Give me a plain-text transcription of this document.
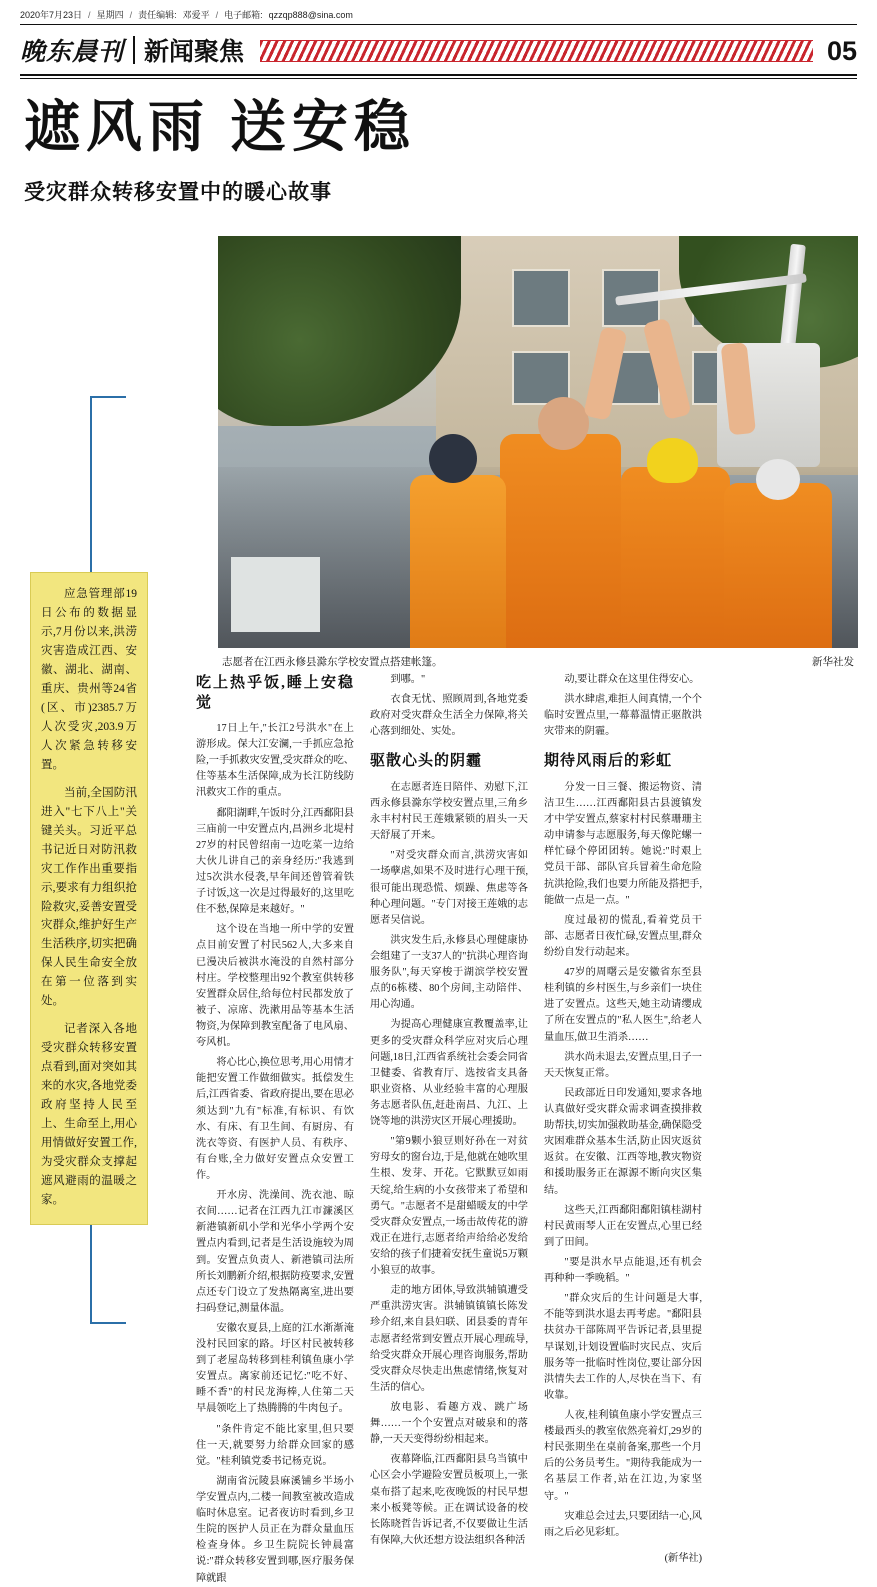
2020年7月23日 / 星期四 / 责任编辑: 邓爱平 / 电子邮箱: qzzqp888@sina.com
晚东晨刊 新闻聚焦	05
遮风雨 送安稳
受灾群众转移安置中的暖心故事
志愿者在江西永修县滁东学校安置点搭建帐篷。	新华社发

应急管理部19日公布的数据显示,7月份以来,洪涝灾害造成江西、安徽、湖北、湖南、重庆、贵州等24省(区、市)2385.7万人次受灾,203.9万人次紧急转移安置。

当前,全国防汛进入"七下八上"关键关头。习近平总书记近日对防汛救灾工作作出重要指示,要求有力组织抢险救灾,妥善安置受灾群众,维护好生产生活秩序,切实把确保人民生命安全放在第一位落到实处。

记者深入各地受灾群众转移安置点看到,面对突如其来的水灾,各地党委政府坚持人民至上、生命至上,用心用情做好安置工作,为受灾群众支撑起遮风避雨的温暖之家。

吃上热乎饭,睡上安稳觉

17日上午,"长江2号洪水"在上游形成。保大江安澜,一手抓应急抢险,一手抓救灾安置,受灾群众的吃、住等基本生活保障,成为长江防线防汛救灾工作的重点。

鄱阳湖畔,午饭时分,江西鄱阳县三庙前一中安置点内,昌洲乡北堤村27岁的村民曾绍南一边吃菜一边给大伙儿讲自己的亲身经历:"我逃到过5次洪水侵袭,早年间还曾管着铁子讨饭,这一次是过得最好的,这里吃住不愁,保障是来越好。"

这个设在当地一所中学的安置点目前安置了村民562人,大多来自已漫决后被洪水淹没的自然村部分村庄。学校整理出92个教室供转移安置群众居住,给每位村民都发放了被子、凉席、洗漱用品等基本生活物资,为保障到教室配备了电风扇、夸风机。

将心比心,换位思考,用心用情才能把安置工作做细做实。抵偿发生后,江西省委、省政府提出,要在思必须达到"九有"标准,有标识、有饮水、有床、有卫生间、有厨房、有洗衣等资、有医护人员、有秩序、有台账,全力做好安置点众安置工作。

开水房、洗澡间、洗衣池、晾衣间……记者在江西九江市濂溪区新港镇新矶小学和光华小学两个安置点内看到,记者是生活设施较为周到。安置点负责人、新港镇司法所所长刘鹏新介绍,根据防疫要求,安置点还专门设立了发热隔离室,进出要扫码登记,测量体温。

安徽农夏县,上庭的江水渐渐淹没村民回家的路。圩区村民被转移到了老屋岛转移到桂利镇鱼康小学安置点。离家前还记忆:"吃不好、睡不香"的村民龙海棒,人住第二天早晨领吃上了热腾腾的牛肉包子。

"条件肯定不能比家里,但只要住一天,就要努力给群众回家的感觉。"桂利镇党委书记杨克说。

湖南省沅陵县麻溪铺乡半场小学安置点内,二楼一间教室被改造成临时休息室。记者夜访时看到,乡卫生院的医护人员正在为群众量血压检查身体。乡卫生院院长钟晨富说:"群众转移安置到哪,医疗服务保障就跟

到哪。"

衣食无忧、照顾周到,各地党委政府对受灾群众生活全力保障,将关心落到细处、实处。

驱散心头的阴霾

在志愿者连日陪伴、劝慰下,江西永修县滁东学校安置点里,三角乡永丰村村民王莲娥紧锁的眉头一天天舒展了开来。

"对受灾群众而言,洪涝灾害如一场孽虐,如果不及时进行心理干预,很可能出现恐慌、烦躁、焦虑等各种心理问题。"专门对接王莲娥的志愿者吴信说。

洪灾发生后,永修县心理健康协会组建了一支37人的"抗洪心理咨询服务队",每天穿梭于湖滨学校安置点的6栋楼、80个房间,主动陪伴、用心沟通。

为提高心理健康宣教覆盖率,让更多的受灾群众科学应对灾后心理问题,18日,江西省系统社会委会同省卫健委、省教育厅、选按省支具备职业资格、从业经验丰富的心理服务志愿者队伍,赶赴南昌、九江、上饶等地的洪涝灾区开展心理援助。

"第9颗小狼豆则好孙在一对贫穷母女的窗台边,于是,他就在她吹里生根、发芽、开花。它默默豆如雨天绽,给生病的小女孩带来了希望和勇气。"志愿者不是甜蜡暖友的中学受灾群众安置点,一场击故传花的游戏正在进行,志愿者给声给给必发给安给的孩子们捷着安抚生童说5万颗小狼豆的故事。

走的地方团体,导致洪辅镇遭受严重洪涝灾害。洪辅镇镇镇长陈发珍介绍,来自县妇联、团县委的青年志愿者经常到安置点开展心理疏导,给受灾群众开展心理咨询服务,帮助受灾群众尽快走出焦虑情绪,恢复对生活的信心。

放电影、看趣方戏、跳广场舞……一个个安置点对破泉和的落静,一天天变得纷纷相起来。

夜幕降临,江西鄱阳县乌当镇中心区会小学避险安置员板项上,一张桌布搭了起来,吃夜晚饭的村民早想来小板凳等候。正在调试设备的校长陈晓哲告诉记者,不仅要做让生活有保障,大伙还想方设法组织各种活

动,要让群众在这里住得安心。

洪水肆虐,难拒人间真情,一个个临时安置点里,一幕幕温情正驱散洪灾带来的阴霾。

期待风雨后的彩虹

分发一日三餐、搬运物资、清洁卫生……江西鄱阳县古县渡镇发才中学安置点,蔡家村村民蔡珊珊主动申请参与志愿服务,每天像陀螺一样忙碌个停团团转。她说:"时艰上党员干部、部队官兵冒着生命危险抗洪抢险,我们也要力所能及搭把手,能做一点是一点。"

度过最初的慌乱,看着党员干部、志愿者日夜忙碌,安置点里,群众纷纷自发行动起来。

47岁的周曙云是安徽省东至县桂利镇的乡村医生,与乡亲们一块住进了安置点。这些天,她主动请缨成了所在安置点的"私人医生",给老人量血压,做卫生消杀……

洪水尚未退去,安置点里,日子一天天恢复正常。

民政部近日印发通知,要求各地认真做好受灾群众需求调查摸排救助帮扶,切实加强救助基金,确保隐受灾困难群众基本生活,防止因灾返贫返贫。在安徽、江西等地,教灾物资和援助服务正在源源不断向灾区集结。

这些天,江西鄱阳鄱阳镇桂湖村村民黄雨琴人正在安置点,心里已经到了田间。

"要是洪水早点能退,还有机会再种种一季晚稻。"

"群众灾后的生计问题是大事,不能等到洪水退去再考虑。"鄱阳县扶贫办干部陈周平告诉记者,县里提早谋划,计划设置临时灾民点、灾后服务等一批临时性岗位,要让部分因洪情失去工作的人,尽快在当下、有收靠。

人夜,桂利镇鱼康小学安置点三楼最西头的教室依然亮着灯,29岁的村民张期坐在桌前备案,那些一个月后的公务员考生。"期待我能成为一名基层工作者,站在江边,为家坚守。"

灾难总会过去,只要团结一心,风雨之后必见彩虹。

(新华社)
